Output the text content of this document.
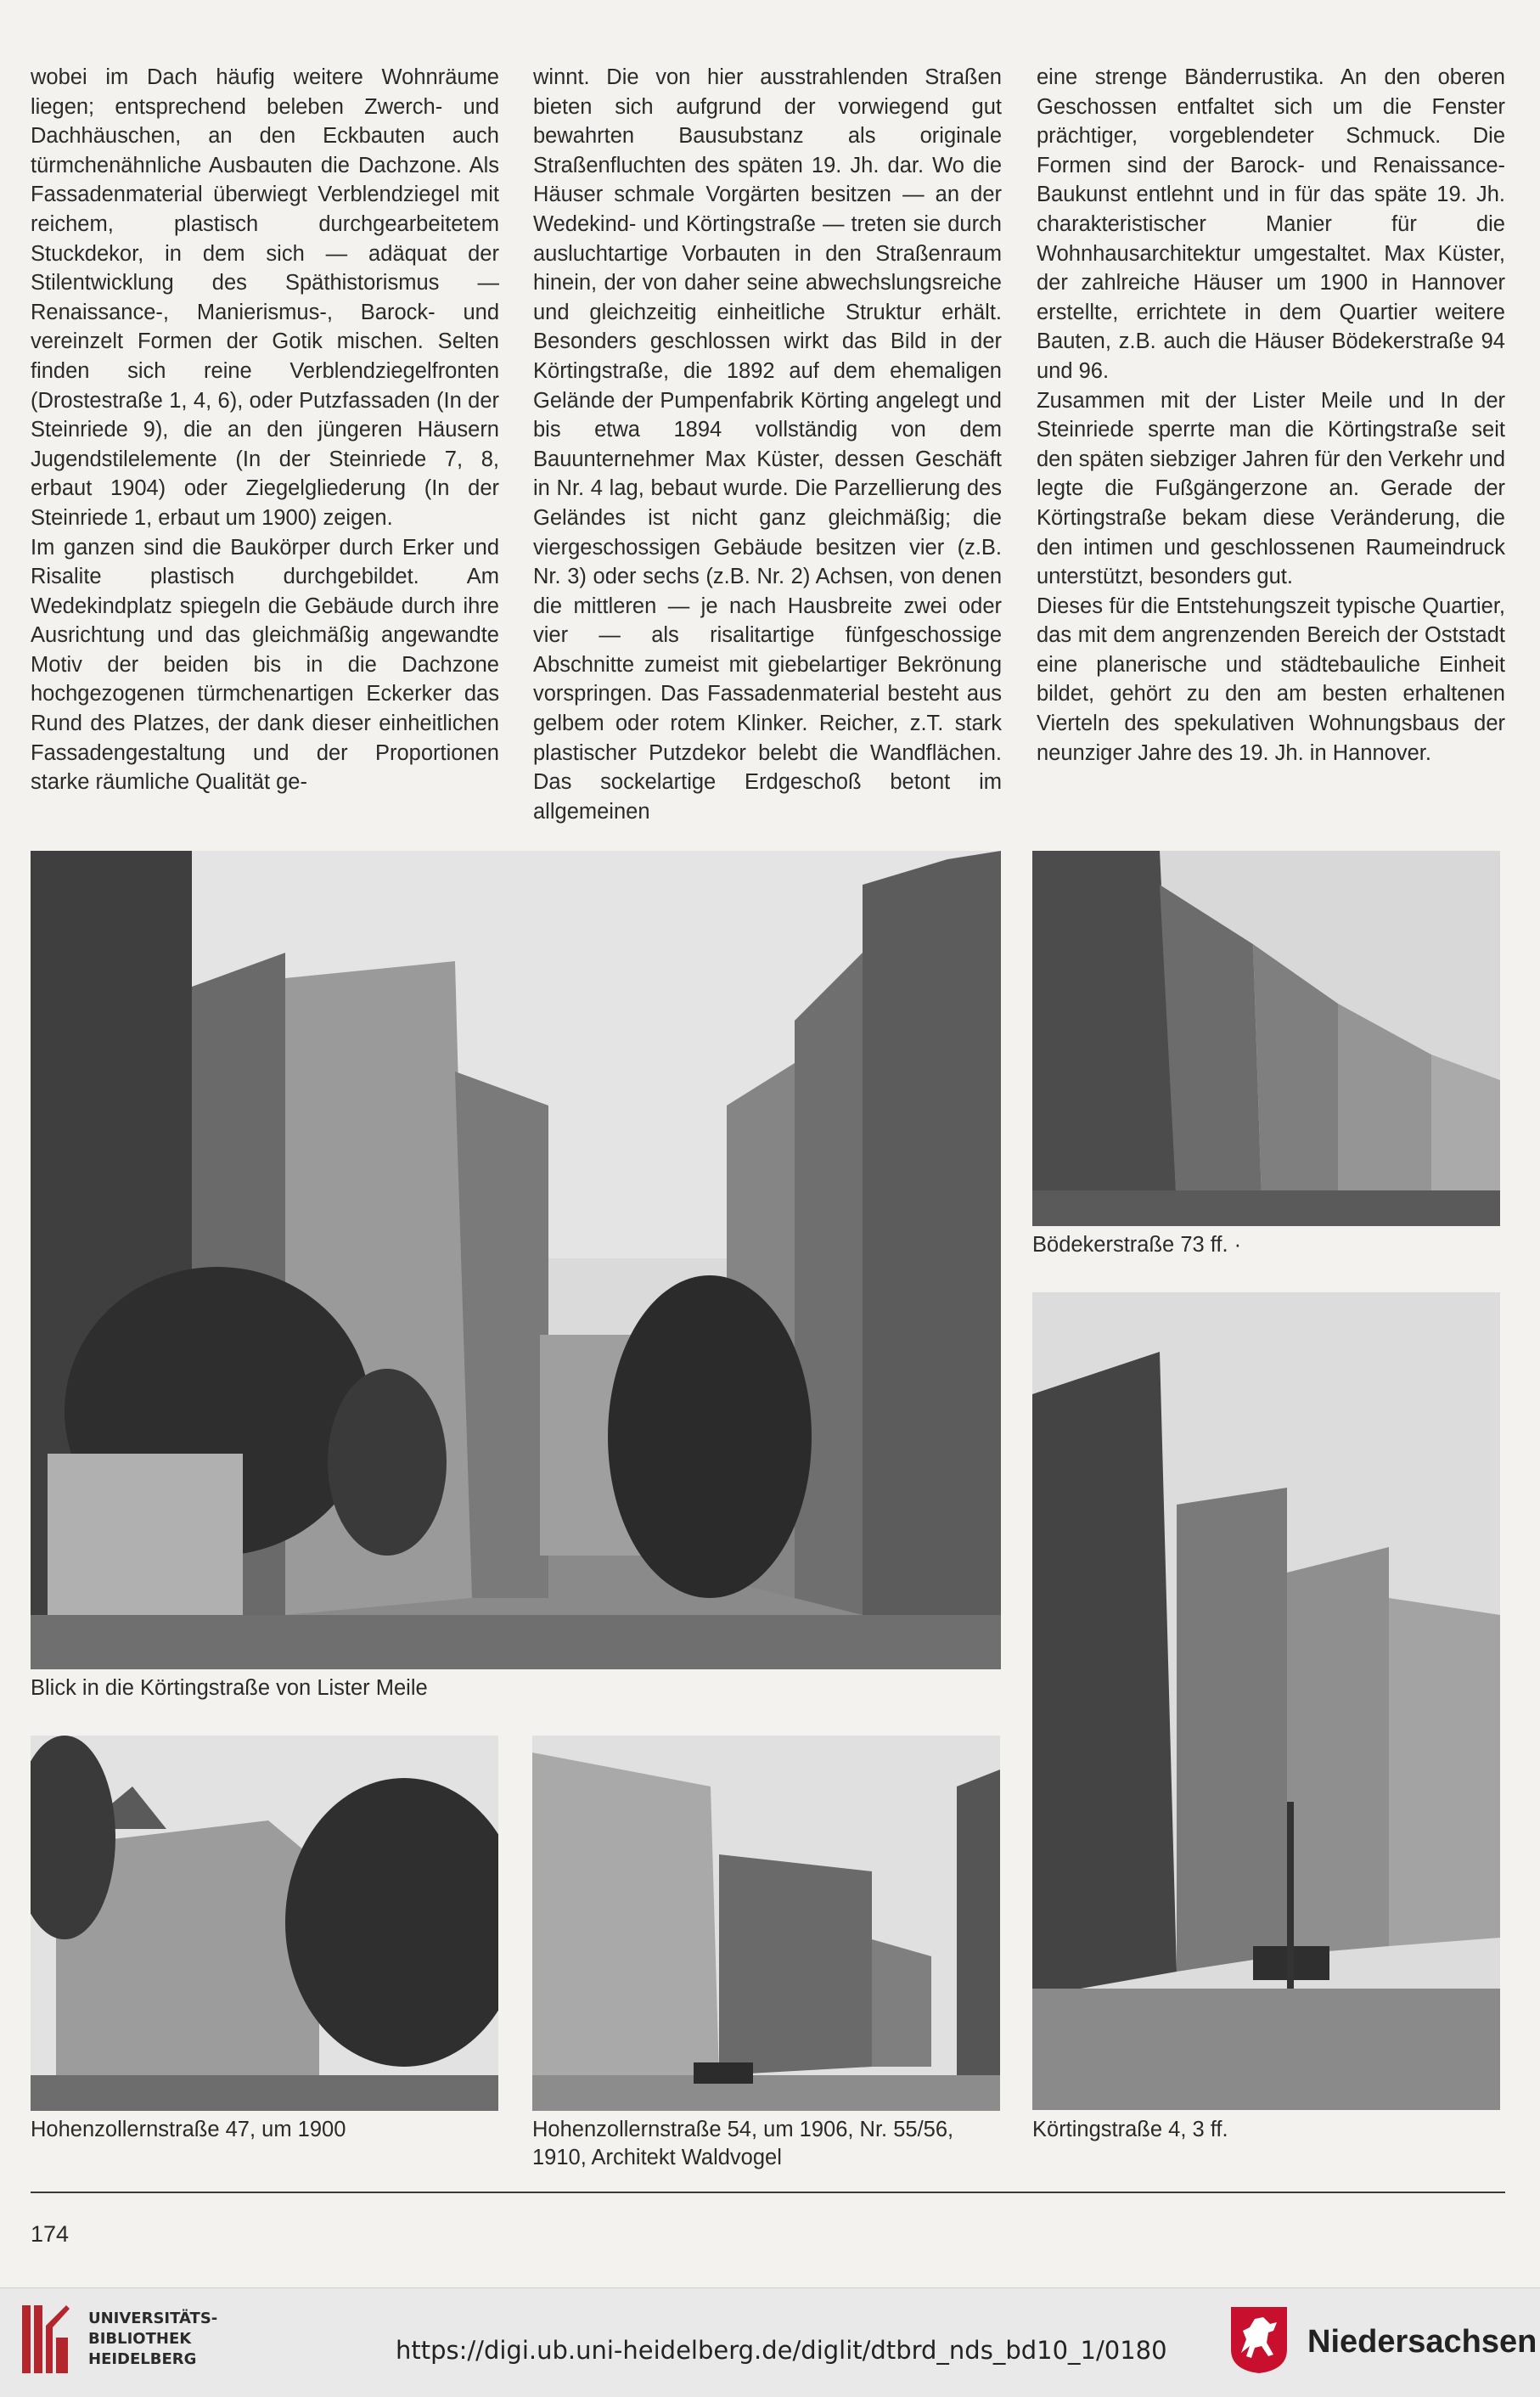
wobei im Dach häufig weitere Wohnräume liegen; entsprechend beleben Zwerch- und Dachhäuschen, an den Eckbauten auch türmchenähnliche Ausbauten die Dachzone. Als Fassadenmaterial überwiegt Verblendziegel mit reichem, plastisch durchgearbeitetem Stuckdekor, in dem sich — adäquat der Stilentwicklung des Späthistorismus — Renaissance-, Manierismus-, Barock- und vereinzelt Formen der Gotik mischen. Selten finden sich reine Verblendziegelfronten (Drostestraße 1, 4, 6), oder Putzfassaden (In der Steinriede 9), die an den jüngeren Häusern Jugendstilelemente (In der Steinriede 7, 8, erbaut 1904) oder Ziegelgliederung (In der Steinriede 1, erbaut um 1900) zeigen.

Im ganzen sind die Baukörper durch Erker und Risalite plastisch durchgebildet. Am Wedekindplatz spiegeln die Gebäude durch ihre Ausrichtung und das gleichmäßig angewandte Motiv der beiden bis in die Dachzone hochgezogenen türmchenartigen Eckerker das Rund des Platzes, der dank dieser einheitlichen Fassadengestaltung und der Proportionen starke räumliche Qualität ge-

winnt. Die von hier ausstrahlenden Straßen bieten sich aufgrund der vorwiegend gut bewahrten Bausubstanz als originale Straßenfluchten des späten 19. Jh. dar. Wo die Häuser schmale Vorgärten besitzen — an der Wedekind- und Körtingstraße — treten sie durch ausluchtartige Vorbauten in den Straßenraum hinein, der von daher seine abwechslungsreiche und gleichzeitig einheitliche Struktur erhält. Besonders geschlossen wirkt das Bild in der Körtingstraße, die 1892 auf dem ehemaligen Gelände der Pumpenfabrik Körting angelegt und bis etwa 1894 vollständig von dem Bauunternehmer Max Küster, dessen Geschäft in Nr. 4 lag, bebaut wurde. Die Parzellierung des Geländes ist nicht ganz gleichmäßig; die viergeschossigen Gebäude besitzen vier (z.B. Nr. 3) oder sechs (z.B. Nr. 2) Achsen, von denen die mittleren — je nach Hausbreite zwei oder vier — als risalitartige fünfgeschossige Abschnitte zumeist mit giebelartiger Bekrönung vorspringen. Das Fassadenmaterial besteht aus gelbem oder rotem Klinker. Reicher, z.T. stark plastischer Putzdekor belebt die Wandflächen. Das sockelartige Erdgeschoß betont im allgemeinen

eine strenge Bänderrustika. An den oberen Geschossen entfaltet sich um die Fenster prächtiger, vorgeblendeter Schmuck. Die Formen sind der Barock- und Renaissance-Baukunst entlehnt und in für das späte 19. Jh. charakteristischer Manier für die Wohnhausarchitektur umgestaltet. Max Küster, der zahlreiche Häuser um 1900 in Hannover erstellte, errichtete in dem Quartier weitere Bauten, z.B. auch die Häuser Bödekerstraße 94 und 96.

Zusammen mit der Lister Meile und In der Steinriede sperrte man die Körtingstraße seit den späten siebziger Jahren für den Verkehr und legte die Fußgängerzone an. Gerade der Körtingstraße bekam diese Veränderung, die den intimen und geschlossenen Raumeindruck unterstützt, besonders gut.

Dieses für die Entstehungszeit typische Quartier, das mit dem angrenzenden Bereich der Oststadt eine planerische und städtebauliche Einheit bildet, gehört zu den am besten erhaltenen Vierteln des spekulativen Wohnungsbaus der neunziger Jahre des 19. Jh. in Hannover.

Blick in die Körtingstraße von Lister Meile
Bödekerstraße 73 ff. ·
Hohenzollernstraße 47, um 1900	Hohenzollernstraße 54, um 1906, Nr. 55/56,
1910, Architekt Waldvogel
Körtingstraße 4, 3 ff.
174
UNIVERSITÄTS-
BIBLIOTHEK
HEIDELBERG	https://digi.ub.uni-heidelberg.de/diglit/dtbrd_nds_bd10_1/0180	Niedersachsen
